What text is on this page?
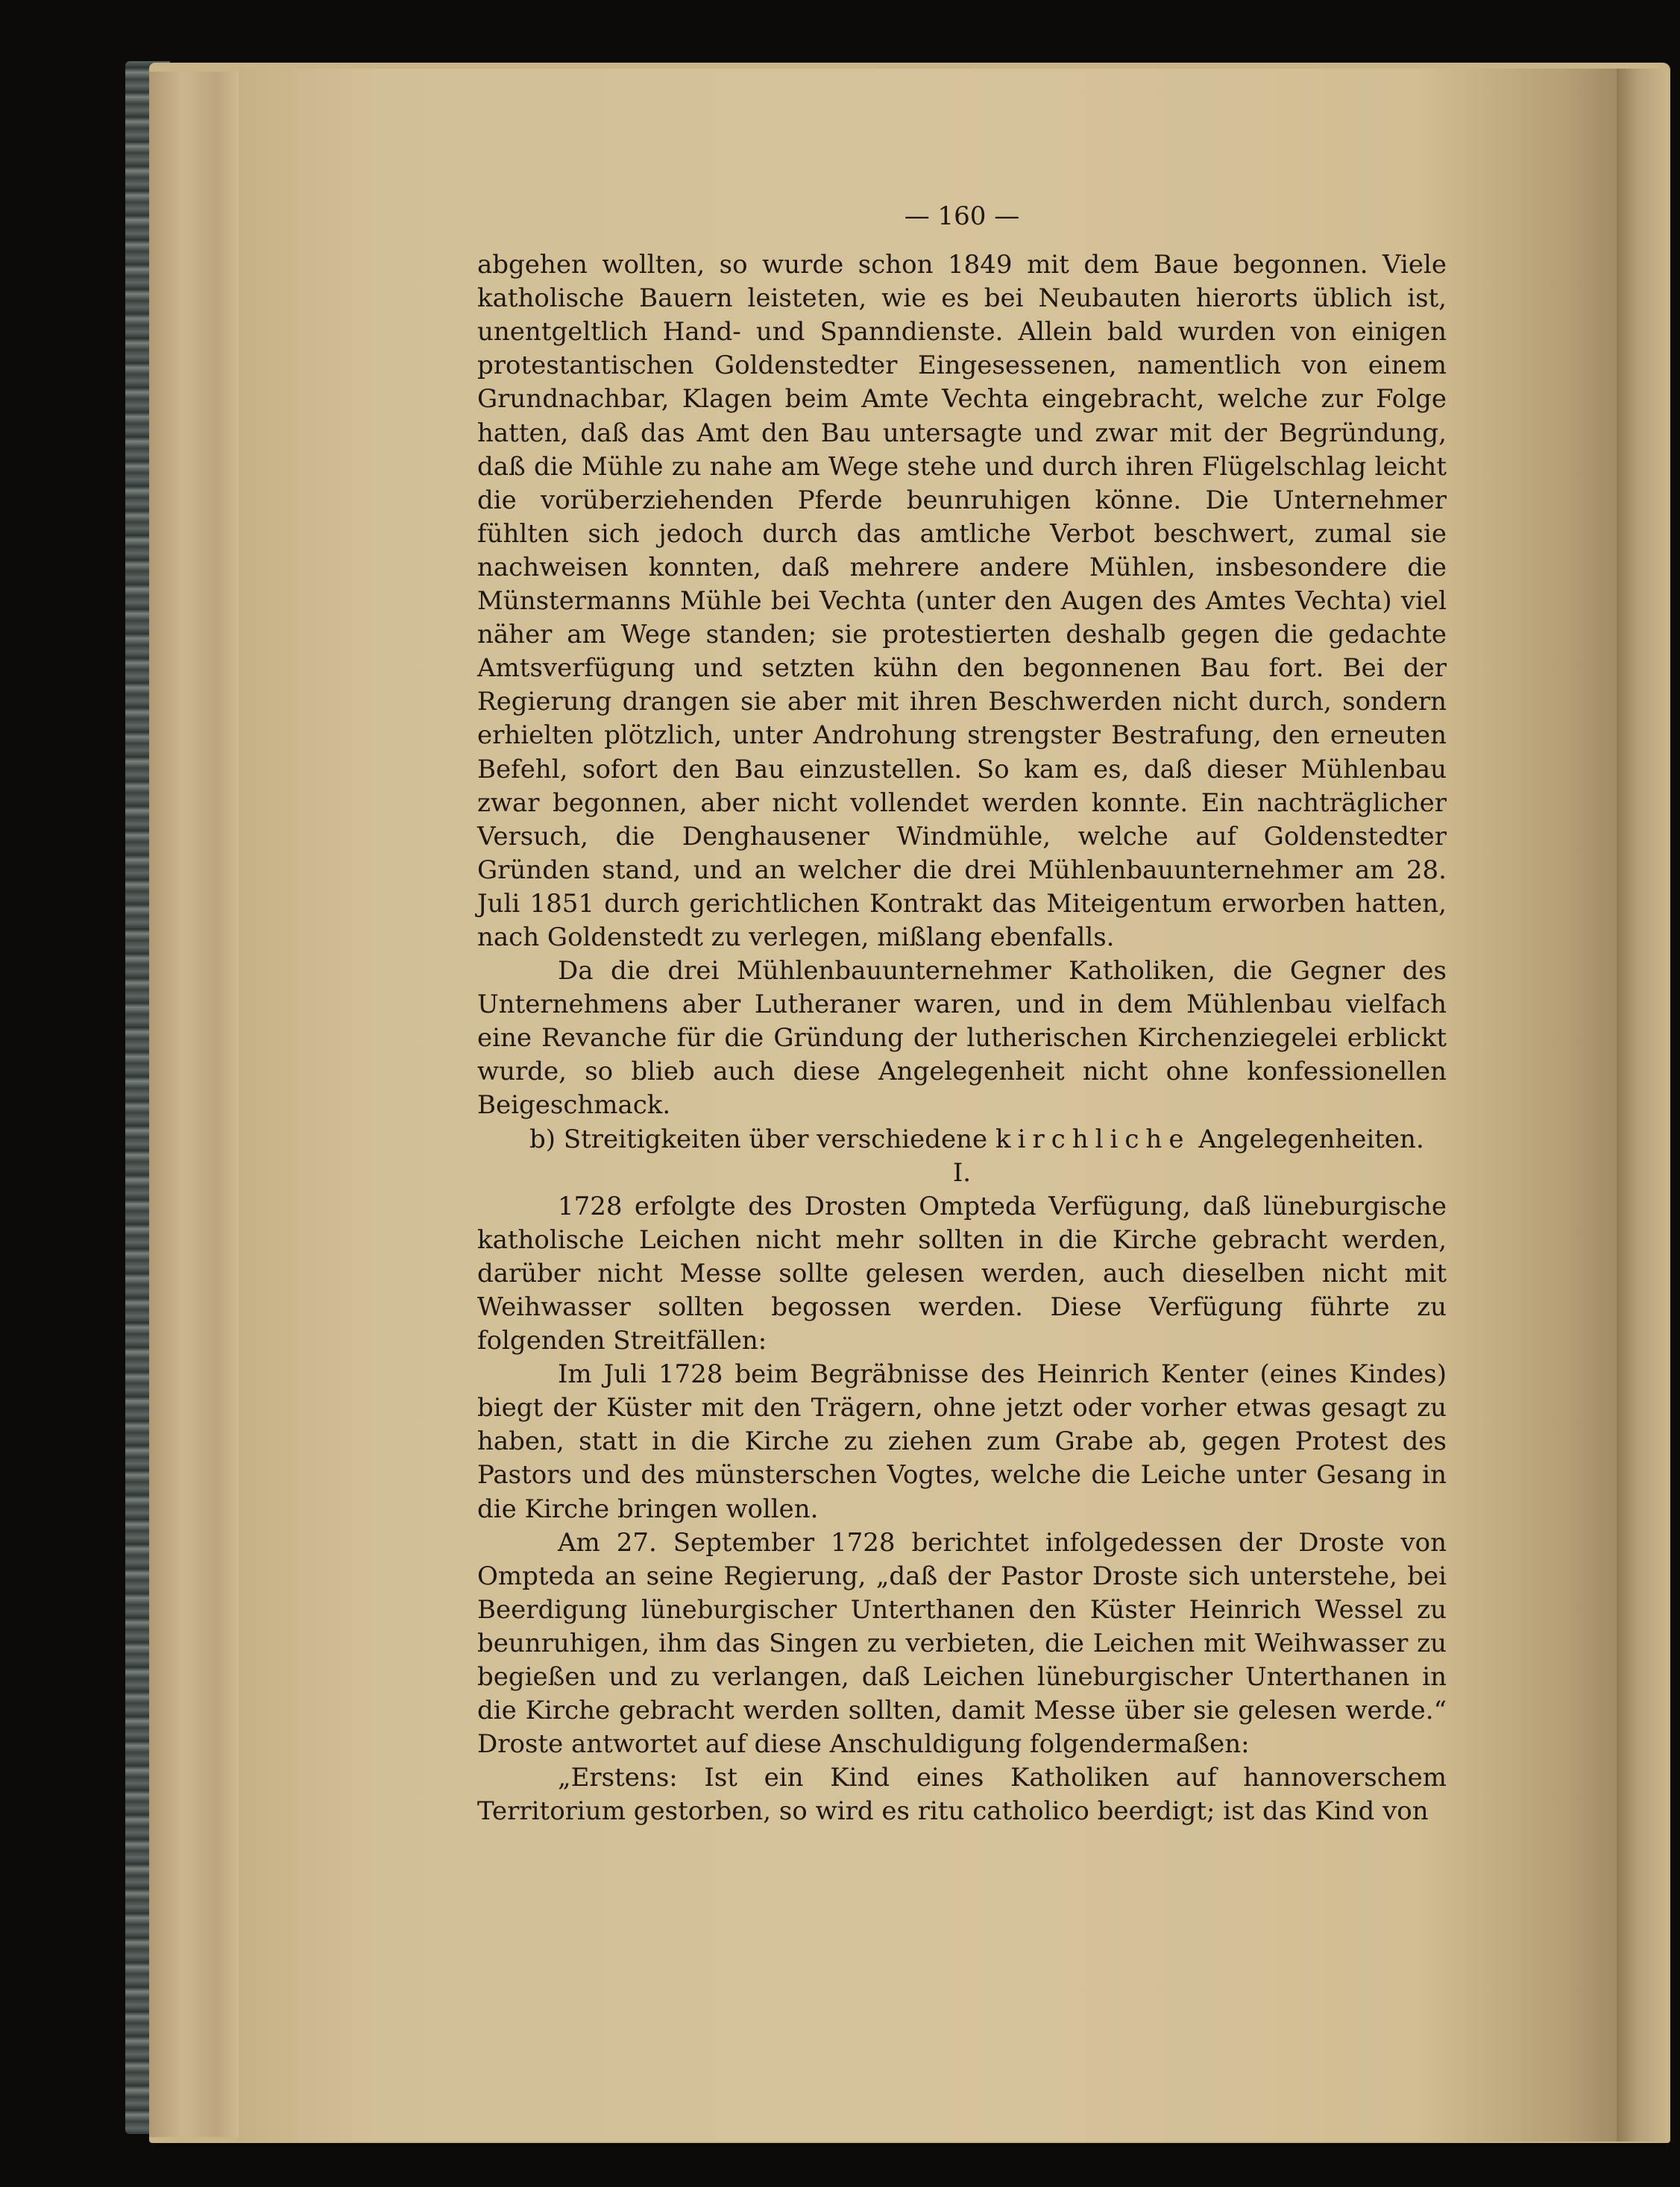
— 160 —

abgehen wollten, so wurde schon 1849 mit dem Baue begonnen. Viele katholische Bauern leisteten, wie es bei Neubauten hierorts üblich ist, unentgeltlich Hand- und Spanndienste. Allein bald wurden von einigen protestantischen Goldenstedter Eingesessenen, namentlich von einem Grundnachbar, Klagen beim Amte Vechta eingebracht, welche zur Folge hatten, daß das Amt den Bau untersagte und zwar mit der Begründung, daß die Mühle zu nahe am Wege stehe und durch ihren Flügelschlag leicht die vorüberziehenden Pferde beunruhigen könne. Die Unternehmer fühlten sich jedoch durch das amtliche Verbot beschwert, zumal sie nachweisen konnten, daß mehrere andere Mühlen, insbesondere die Münstermanns Mühle bei Vechta (unter den Augen des Amtes Vechta) viel näher am Wege standen; sie protestierten deshalb gegen die gedachte Amtsverfügung und setzten kühn den begonnenen Bau fort. Bei der Regierung drangen sie aber mit ihren Beschwerden nicht durch, sondern erhielten plötzlich, unter Androhung strengster Bestrafung, den erneuten Befehl, sofort den Bau einzustellen. So kam es, daß dieser Mühlenbau zwar begonnen, aber nicht vollendet werden konnte. Ein nachträglicher Versuch, die Denghausener Windmühle, welche auf Goldenstedter Gründen stand, und an welcher die drei Mühlenbauunternehmer am 28. Juli 1851 durch gerichtlichen Kontrakt das Miteigentum erworben hatten, nach Goldenstedt zu verlegen, mißlang ebenfalls.

Da die drei Mühlenbauunternehmer Katholiken, die Gegner des Unternehmens aber Lutheraner waren, und in dem Mühlenbau vielfach eine Revanche für die Gründung der lutherischen Kirchenziegelei erblickt wurde, so blieb auch diese Angelegenheit nicht ohne konfessionellen Beigeschmack.

b) Streitigkeiten über verschiedene kirchliche Angelegenheiten.

I.

1728 erfolgte des Drosten Ompteda Verfügung, daß lüneburgische katholische Leichen nicht mehr sollten in die Kirche gebracht werden, darüber nicht Messe sollte gelesen werden, auch dieselben nicht mit Weihwasser sollten begossen werden. Diese Verfügung führte zu folgenden Streitfällen:

Im Juli 1728 beim Begräbnisse des Heinrich Kenter (eines Kindes) biegt der Küster mit den Trägern, ohne jetzt oder vorher etwas gesagt zu haben, statt in die Kirche zu ziehen zum Grabe ab, gegen Protest des Pastors und des münsterschen Vogtes, welche die Leiche unter Gesang in die Kirche bringen wollen.

Am 27. September 1728 berichtet infolgedessen der Droste von Ompteda an seine Regierung, „daß der Pastor Droste sich unterstehe, bei Beerdigung lüneburgischer Unterthanen den Küster Heinrich Wessel zu beunruhigen, ihm das Singen zu verbieten, die Leichen mit Weihwasser zu begießen und zu verlangen, daß Leichen lüneburgischer Unterthanen in die Kirche gebracht werden sollten, damit Messe über sie gelesen werde.“ Droste antwortet auf diese Anschuldigung folgendermaßen:

„Erstens: Ist ein Kind eines Katholiken auf hannoverschem Territorium gestorben, so wird es ritu catholico beerdigt; ist das Kind von
